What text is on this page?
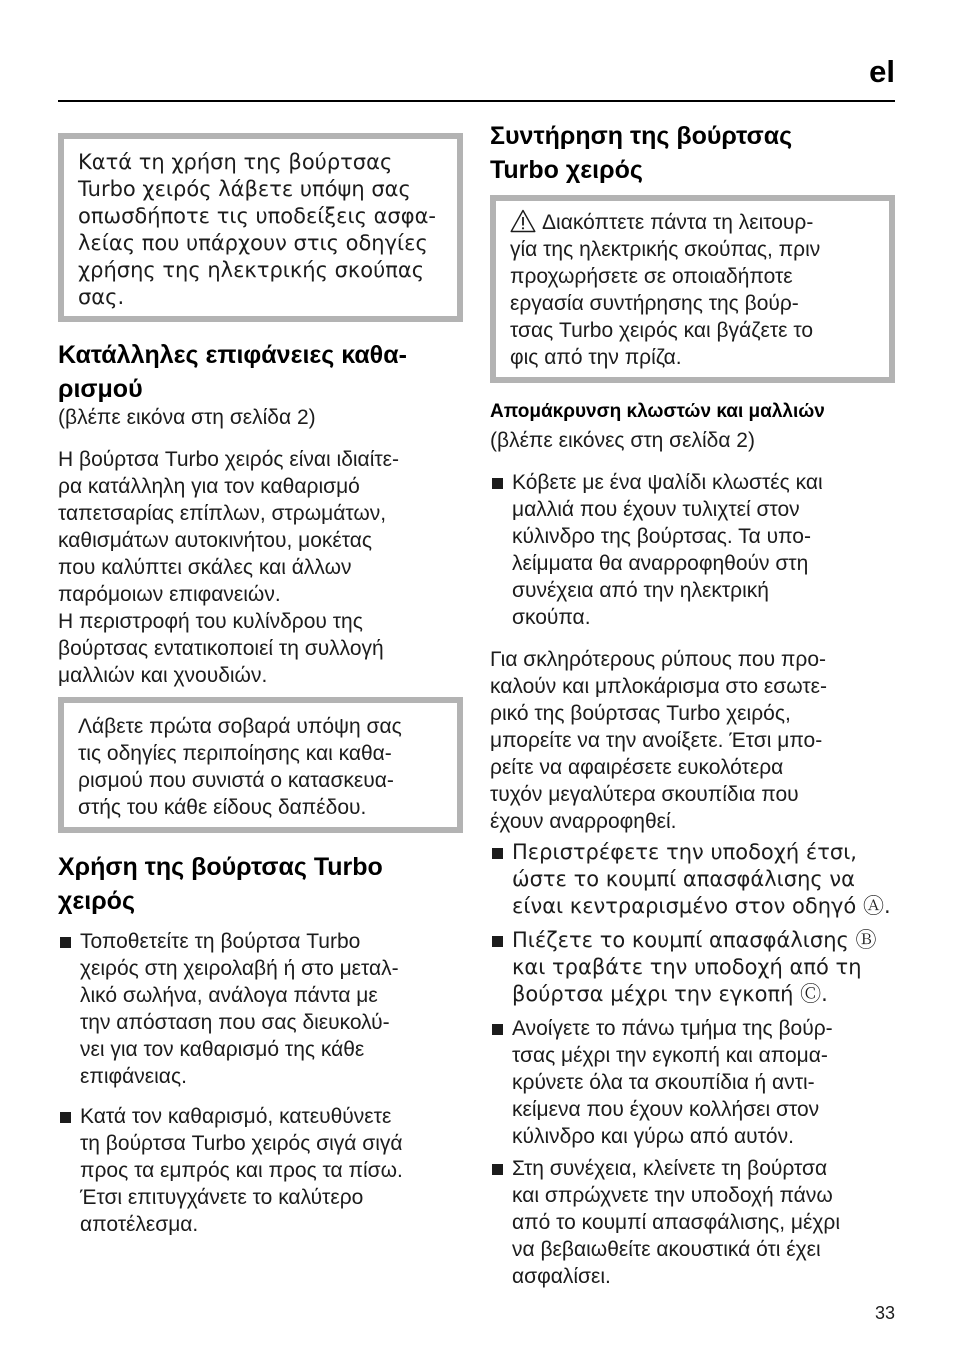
el
Κατά τη χρήση της βούρτσας
Turbo χειρός λάβετε υπόψη σας
οπωσδήποτε τις υποδείξεις ασφα-
λείας που υπάρχουν στις οδηγίες
χρήσης της ηλεκτρικής σκούπας
σας.
Κατάλληλες επιφάνειες καθα-
ρισμού
(βλέπε εικόνα στη σελίδα 2)
Η βούρτσα Turbo χειρός είναι ιδιαίτε-
ρα κατάλληλη για τον καθαρισμό
ταπετσαρίας επίπλων, στρωμάτων,
καθισμάτων αυτοκινήτου, μοκέτας
που καλύπτει σκάλες και άλλων
παρόμοιων επιφανειών.
Η περιστροφή του κυλίνδρου της
βούρτσας εντατικοποιεί τη συλλογή
μαλλιών και χνουδιών.
Λάβετε πρώτα σοβαρά υπόψη σας
τις οδηγίες περιποίησης και καθα-
ρισμού που συνιστά ο κατασκευα-
στής του κάθε είδους δαπέδου.
Χρήση της βούρτσας Turbo
χειρός
Τοποθετείτε τη βούρτσα Turbo
χειρός στη χειρολαβή ή στο μεταλ-
λικό σωλήνα, ανάλογα πάντα με
την απόσταση που σας διευκολύ-
νει για τον καθαρισμό της κάθε
επιφάνειας.
Κατά τον καθαρισμό, κατευθύνετε
τη βούρτσα Turbo χειρός σιγά σιγά
προς τα εμπρός και προς τα πίσω.
Έτσι επιτυγχάνετε το καλύτερο
αποτέλεσμα.
Συντήρηση της βούρτσας
Turbo χειρός
Διακόπτετε πάντα τη λειτουρ-
γία της ηλεκτρικής σκούπας, πριν
προχωρήσετε σε οποιαδήποτε
εργασία συντήρησης της βούρ-
τσας Turbo χειρός και βγάζετε το
φις από την πρίζα.
Απομάκρυνση κλωστών και μαλλιών
(βλέπε εικόνες στη σελίδα 2)
Κόβετε με ένα ψαλίδι κλωστές και
μαλλιά που έχουν τυλιχτεί στον
κύλινδρο της βούρτσας. Τα υπο-
λείμματα θα αναρροφηθούν στη
συνέχεια από την ηλεκτρική
σκούπα.
Για σκληρότερους ρύπους που προ-
καλούν και μπλοκάρισμα στο εσωτε-
ρικό της βούρτσας Turbo χειρός,
μπορείτε να την ανοίξετε. Έτσι μπο-
ρείτε να αφαιρέσετε ευκολότερα
τυχόν μεγαλύτερα σκουπίδια που
έχουν αναρροφηθεί.
Περιστρέφετε την υποδοχή έτσι,
ώστε το κουμπί απασφάλισης να
είναι κεντραρισμένο στον οδηγό Ⓐ.
Πιέζετε το κουμπί απασφάλισης Ⓑ
και τραβάτε την υποδοχή από τη
βούρτσα μέχρι την εγκοπή Ⓒ.
Ανοίγετε το πάνω τμήμα της βούρ-
τσας μέχρι την εγκοπή και απομα-
κρύνετε όλα τα σκουπίδια ή αντι-
κείμενα που έχουν κολλήσει στον
κύλινδρο και γύρω από αυτόν.
Στη συνέχεια, κλείνετε τη βούρτσα
και σπρώχνετε την υποδοχή πάνω
από το κουμπί απασφάλισης, μέχρι
να βεβαιωθείτε ακουστικά ότι έχει
ασφαλίσει.
33
